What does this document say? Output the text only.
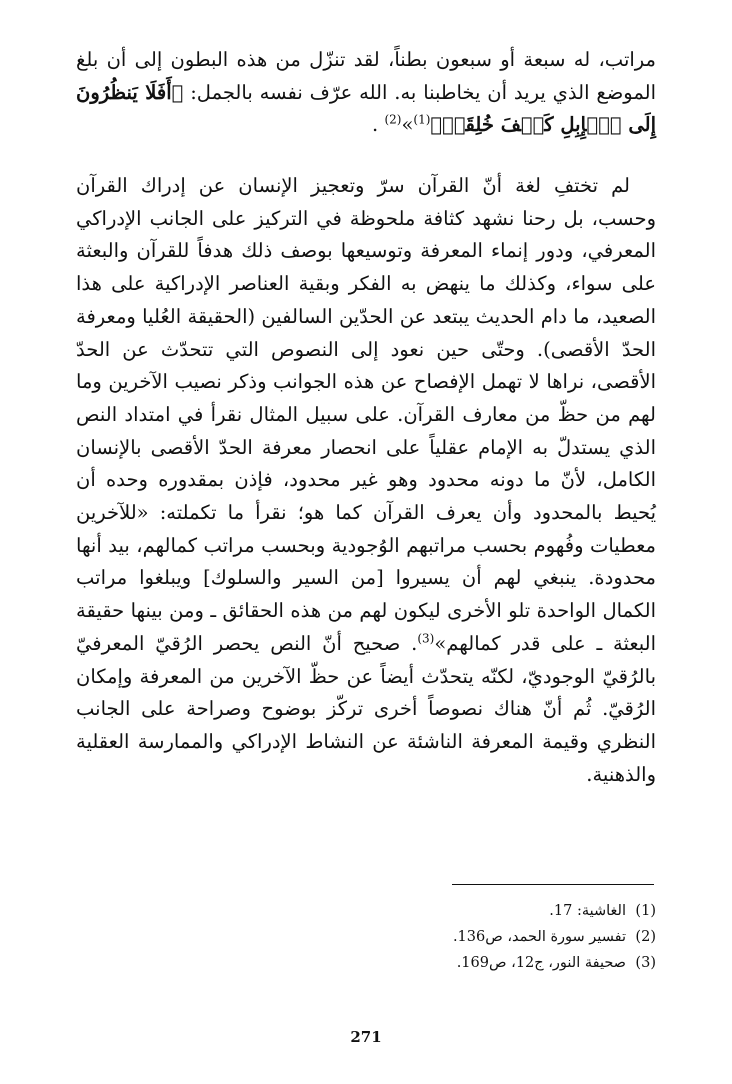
مراتب، له سبعة أو سبعون بطناً، لقد تنزّل من هذه البطون إلى أن بلغ الموضع الذي يريد أن يخاطبنا به. الله عرّف نفسه بالجمل: ﴿أَفَلَا يَنظُرُونَ إِلَى ٱلۡإِبِلِ كَيۡفَ خُلِقَتۡ﴾$^{(1)}$»$^{(2)}$ .

لم تختفِ لغة أنّ القرآن سرّ وتعجيز الإنسان عن إدراك القرآن وحسب، بل رحنا نشهد كثافة ملحوظة في التركيز على الجانب الإدراكي المعرفي، ودور إنماء المعرفة وتوسيعها بوصف ذلك هدفاً للقرآن والبعثة على سواء، وكذلك ما ينهض به الفكر وبقية العناصر الإدراكية على هذا الصعيد، ما دام الحديث يبتعد عن الحدّين السالفين (الحقيقة العُليا ومعرفة الحدّ الأقصى). وحتّى حين نعود إلى النصوص التي تتحدّث عن الحدّ الأقصى، نراها لا تهمل الإفصاح عن هذه الجوانب وذكر نصيب الآخرين وما لهم من حظّ من معارف القرآن. على سبيل المثال نقرأ في امتداد النص الذي يستدلّ به الإمام عقلياً على انحصار معرفة الحدّ الأقصى بالإنسان الكامل، لأنّ ما دونه محدود وهو غير محدود، فإذن بمقدوره وحده أن يُحيط بالمحدود وأن يعرف القرآن كما هو؛ نقرأ ما تكملته: «للآخرين معطيات وفُهوم بحسب مراتبهم الوُجودية وبحسب مراتب كمالهم، بيد أنها محدودة. ينبغي لهم أن يسيروا [من السير والسلوك] ويبلغوا مراتب الكمال الواحدة تلو الأخرى ليكون لهم من هذه الحقائق ـ ومن بينها حقيقة البعثة ـ على قدر كمالهم»$^{(3)}$. صحيح أنّ النص يحصر الرُقيّ المعرفيّ بالرُقيّ الوجوديّ، لكنّه يتحدّث أيضاً عن حظّ الآخرين من المعرفة وإمكان الرُقيّ. ثُم أنّ هناك نصوصاً أخرى تركّز بوضوح وصراحة على الجانب النظري وقيمة المعرفة الناشئة عن النشاط الإدراكي والممارسة العقلية والذهنية.

(1)
الغاشية: 17.
(2)
تفسير سورة الحمد، ص136.
(3)
صحيفة النور، ج12، ص169.
271
